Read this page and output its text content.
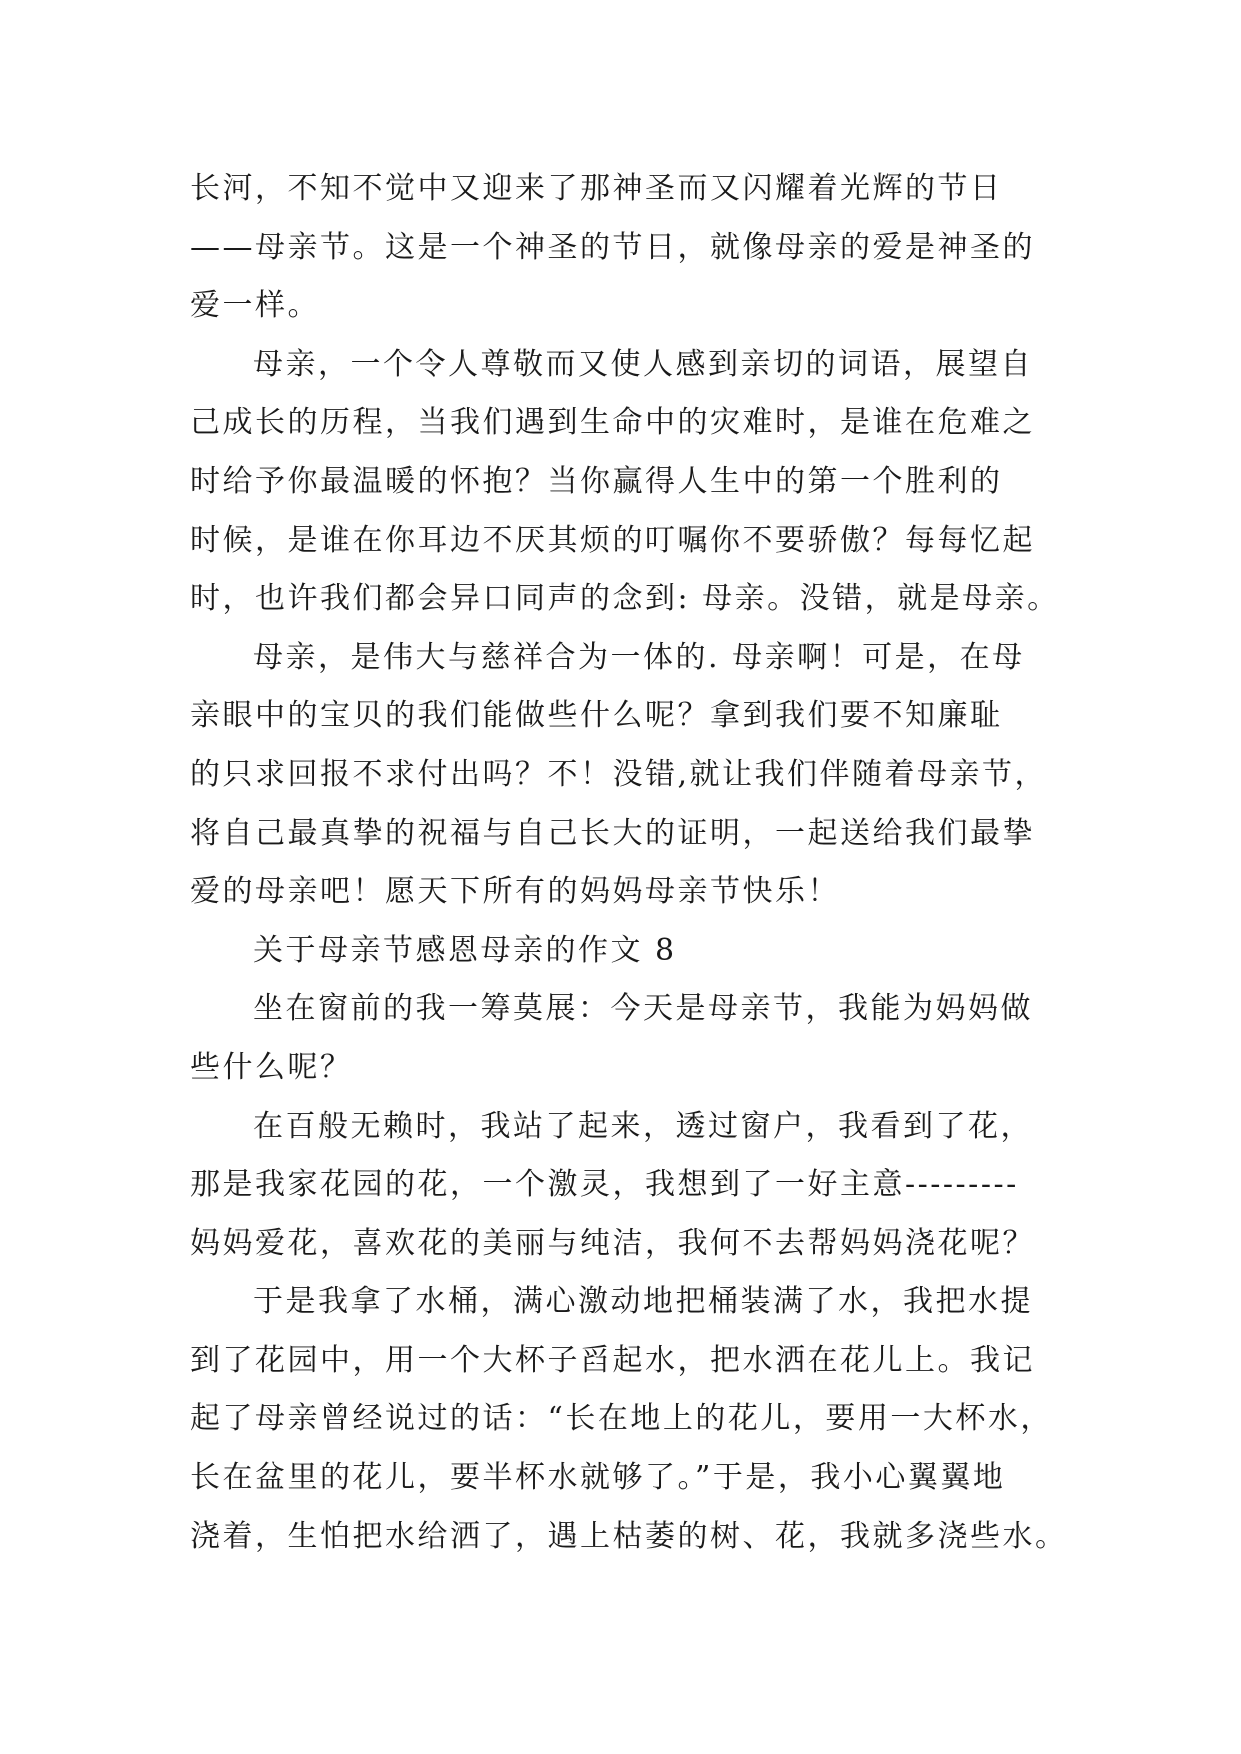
长河，不知不觉中又迎来了那神圣而又闪耀着光辉的节日
——母亲节。这是一个神圣的节日，就像母亲的爱是神圣的
爱一样。
母亲，一个令人尊敬而又使人感到亲切的词语，展望自
己成长的历程，当我们遇到生命中的灾难时，是谁在危难之
时给予你最温暖的怀抱？当你赢得人生中的第一个胜利的
时候，是谁在你耳边不厌其烦的叮嘱你不要骄傲？每每忆起
时，也许我们都会异口同声的念到: 母亲。没错，就是母亲。
母亲，是伟大与慈祥合为一体的. 母亲啊！可是，在母
亲眼中的宝贝的我们能做些什么呢？拿到我们要不知廉耻
的只求回报不求付出吗？不！没错,就让我们伴随着母亲节，
将自己最真挚的祝福与自己长大的证明，一起送给我们最挚
爱的母亲吧！愿天下所有的妈妈母亲节快乐！
关于母亲节感恩母亲的作文 8
坐在窗前的我一筹莫展：今天是母亲节，我能为妈妈做
些什么呢？
在百般无赖时，我站了起来，透过窗户，我看到了花，
那是我家花园的花，一个激灵，我想到了一好主意---------
妈妈爱花，喜欢花的美丽与纯洁，我何不去帮妈妈浇花呢？
于是我拿了水桶，满心激动地把桶装满了水，我把水提
到了花园中，用一个大杯子舀起水，把水洒在花儿上。我记
起了母亲曾经说过的话：“长在地上的花儿，要用一大杯水，
长在盆里的花儿，要半杯水就够了。”于是，我小心翼翼地
浇着，生怕把水给洒了，遇上枯萎的树、花，我就多浇些水。
